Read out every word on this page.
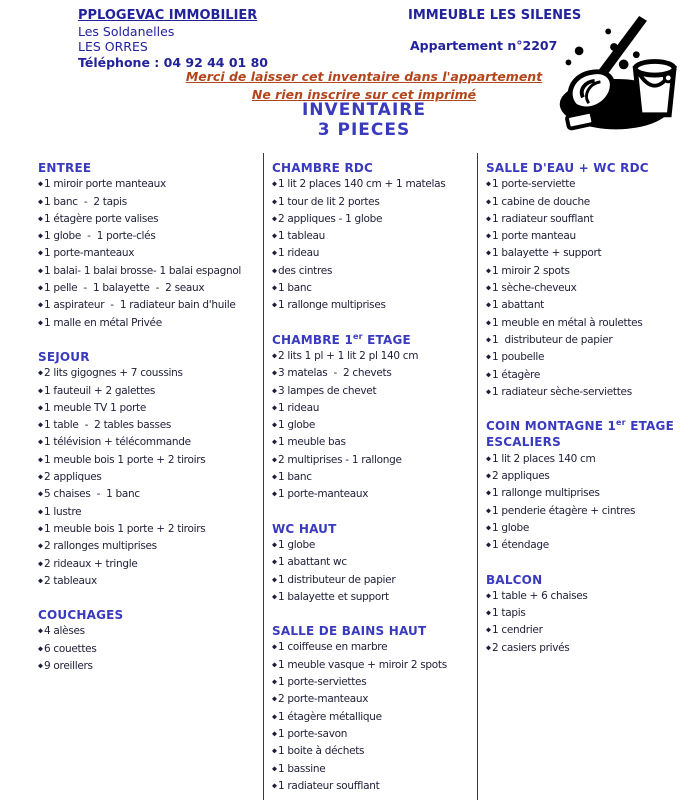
PPLOGEVAC IMMOBILIER
Les Soldanelles
LES ORRES
Téléphone : 04 92 44 01 80
IMMEUBLE LES SILENES
Appartement n°2207
Merci de laisser cet inventaire dans l'appartement
Ne rien inscrire sur cet imprimé
INVENTAIRE
3 PIECES
ENTREE
◆1 miroir porte manteaux
◆1 banc  -  2 tapis
◆1 étagère porte valises
◆1 globe  -  1 porte-clés
◆1 porte-manteaux
◆1 balai- 1 balai brosse- 1 balai espagnol
◆1 pelle  -  1 balayette  -  2 seaux
◆1 aspirateur  -  1 radiateur bain d'huile
◆1 malle en métal Privée
SEJOUR
◆2 lits gigognes + 7 coussins
◆1 fauteuil + 2 galettes
◆1 meuble TV 1 porte
◆1 table  -  2 tables basses
◆1 télévision + télécommande
◆1 meuble bois 1 porte + 2 tiroirs
◆2 appliques
◆5 chaises  -  1 banc
◆1 lustre
◆1 meuble bois 1 porte + 2 tiroirs
◆2 rallonges multiprises
◆2 rideaux + tringle
◆2 tableaux
COUCHAGES
◆4 alèses
◆6 couettes
◆9 oreillers
CHAMBRE RDC
◆1 lit 2 places 140 cm + 1 matelas
◆1 tour de lit 2 portes
◆2 appliques - 1 globe
◆1 tableau
◆1 rideau
◆des cintres
◆1 banc
◆1 rallonge multiprises
CHAMBRE 1er ETAGE
◆2 lits 1 pl + 1 lit 2 pl 140 cm
◆3 matelas  -  2 chevets
◆3 lampes de chevet
◆1 rideau
◆1 globe
◆1 meuble bas
◆2 multiprises - 1 rallonge
◆1 banc
◆1 porte-manteaux
WC HAUT
◆1 globe
◆1 abattant wc
◆1 distributeur de papier
◆1 balayette et support
SALLE DE BAINS HAUT
◆1 coiffeuse en marbre
◆1 meuble vasque + miroir 2 spots
◆1 porte-serviettes
◆2 porte-manteaux
◆1 étagère métallique
◆1 porte-savon
◆1 boite à déchets
◆1 bassine
◆1 radiateur soufflant
SALLE D'EAU + WC RDC
◆1 porte-serviette
◆1 cabine de douche
◆1 radiateur soufflant
◆1 porte manteau
◆1 balayette + support
◆1 miroir 2 spots
◆1 sèche-cheveux
◆1 abattant
◆1 meuble en métal à roulettes
◆1  distributeur de papier
◆1 poubelle
◆1 étagère
◆1 radiateur sèche-serviettes
COIN MONTAGNE 1er ETAGE
ESCALIERS
◆1 lit 2 places 140 cm
◆2 appliques
◆1 rallonge multiprises
◆1 penderie étagère + cintres
◆1 globe
◆1 étendage
BALCON
◆1 table + 6 chaises
◆1 tapis
◆1 cendrier
◆2 casiers privés
